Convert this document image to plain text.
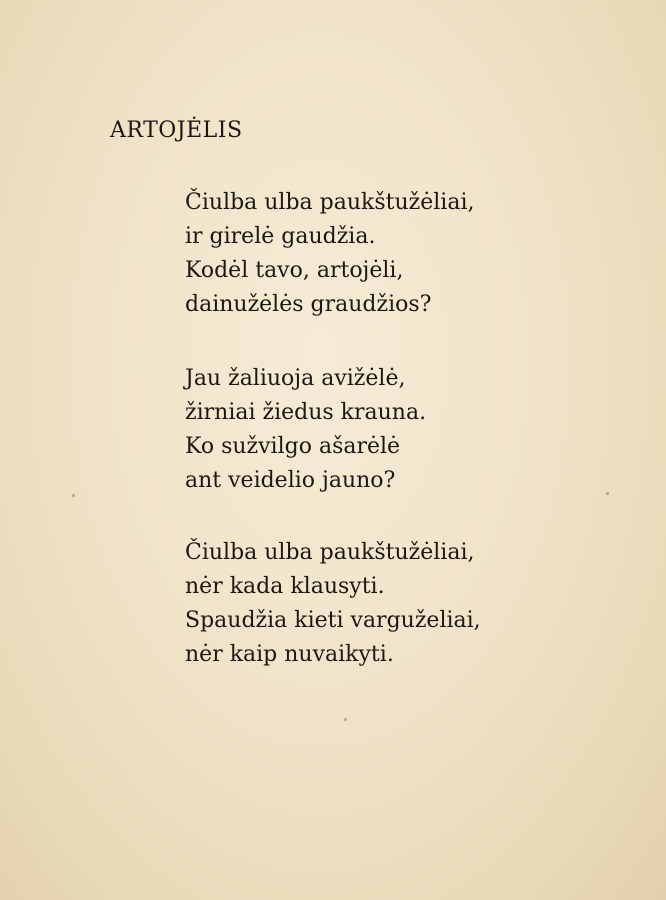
ARTOJĖLIS
Čiulba ulba paukštužėliai,
ir girelė gaudžia.
Kodėl tavo, artojėli,
dainužėlės graudžios?
Jau žaliuoja avižėlė,
žirniai žiedus krauna.
Ko sužvilgo ašarėlė
ant veidelio jauno?
Čiulba ulba paukštužėliai,
nėr kada klausyti.
Spaudžia kieti varguželiai,
nėr kaip nuvaikyti.
